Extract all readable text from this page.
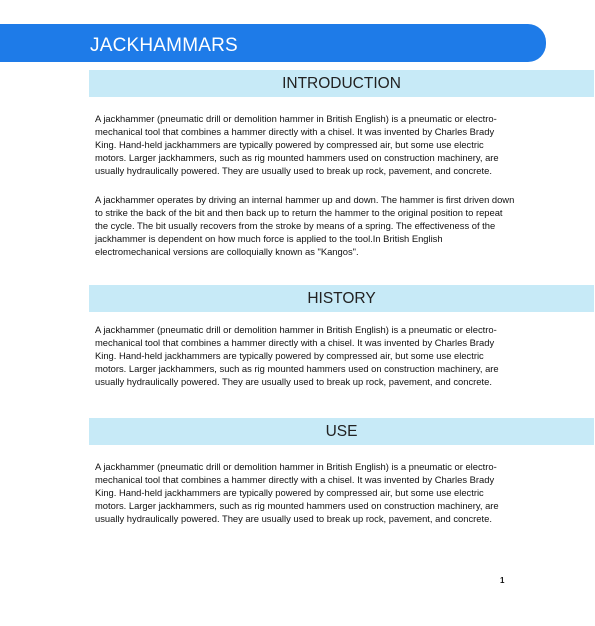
JACKHAMMARS
INTRODUCTION

A jackhammer (pneumatic drill or demolition hammer in British English) is a pneumatic or electro-mechanical tool that combines a hammer directly with a chisel. It was invented by Charles Brady King. Hand-held jackhammers are typically powered by compressed air, but some use electric motors. Larger jackhammers, such as rig mounted hammers used on construction machinery, are usually hydraulically powered. They are usually used to break up rock, pavement, and concrete.

A jackhammer operates by driving an internal hammer up and down. The hammer is first driven down to strike the back of the bit and then back up to return the hammer to the original position to repeat the cycle. The bit usually recovers from the stroke by means of a spring. The effectiveness of the jackhammer is dependent on how much force is applied to the tool.In British English electromechanical versions are colloquially known as "Kangos".

HISTORY

A jackhammer (pneumatic drill or demolition hammer in British English) is a pneumatic or electro-mechanical tool that combines a hammer directly with a chisel. It was invented by Charles Brady King. Hand-held jackhammers are typically powered by compressed air, but some use electric motors. Larger jackhammers, such as rig mounted hammers used on construction machinery, are usually hydraulically powered. They are usually used to break up rock, pavement, and concrete.

USE

A jackhammer (pneumatic drill or demolition hammer in British English) is a pneumatic or electro-mechanical tool that combines a hammer directly with a chisel. It was invented by Charles Brady King. Hand-held jackhammers are typically powered by compressed air, but some use electric motors. Larger jackhammers, such as rig mounted hammers used on construction machinery, are usually hydraulically powered. They are usually used to break up rock, pavement, and concrete.

1
